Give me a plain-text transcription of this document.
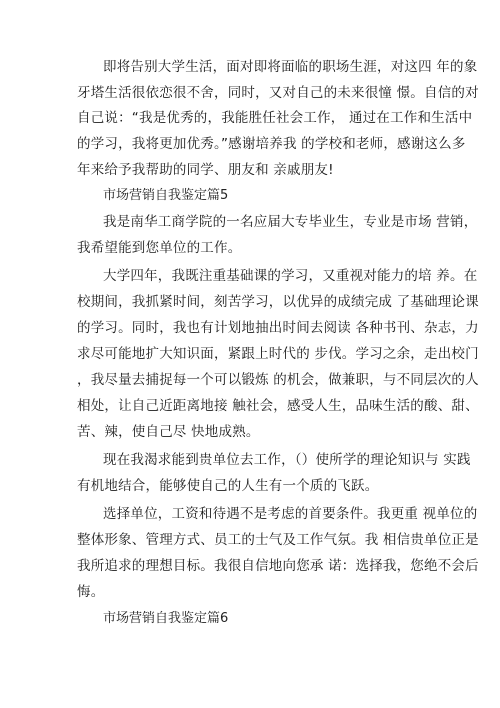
即将告别大学生活，面对即将面临的职场生涯，对这四 年的象
牙塔生活很依恋很不舍，同时，又对自己的未来很憧 憬。自信的对
自己说：“我是优秀的，我能胜任社会工作， 通过在工作和生活中
的学习，我将更加优秀。”感谢培养我 的学校和老师，感谢这么多
年来给予我帮助的同学、朋友和 亲戚朋友!
市场营销自我鉴定篇5
我是南华工商学院的一名应届大专毕业生，专业是市场 营销，
我希望能到您单位的工作。
大学四年，我既注重基础课的学习，又重视对能力的培 养。在
校期间，我抓紧时间，刻苦学习，以优异的成绩完成 了基础理论课
的学习。同时，我也有计划地抽出时间去阅读 各种书刊、杂志，力
求尽可能地扩大知识面，紧跟上时代的 步伐。学习之余，走出校门
，我尽量去捕捉每一个可以锻炼 的机会，做兼职，与不同层次的人
相处，让自己近距离地接 触社会，感受人生，品味生活的酸、甜、
苦、辣，使自己尽 快地成熟。
现在我渴求能到贵单位去工作，（）使所学的理论知识与 实践
有机地结合，能够使自己的人生有一个质的飞跃。
选择单位，工资和待遇不是考虑的首要条件。我更重 视单位的
整体形象、管理方式、员工的士气及工作气氛。我 相信贵单位正是
我所追求的理想目标。我很自信地向您承 诺：选择我，您绝不会后
悔。
市场营销自我鉴定篇6
